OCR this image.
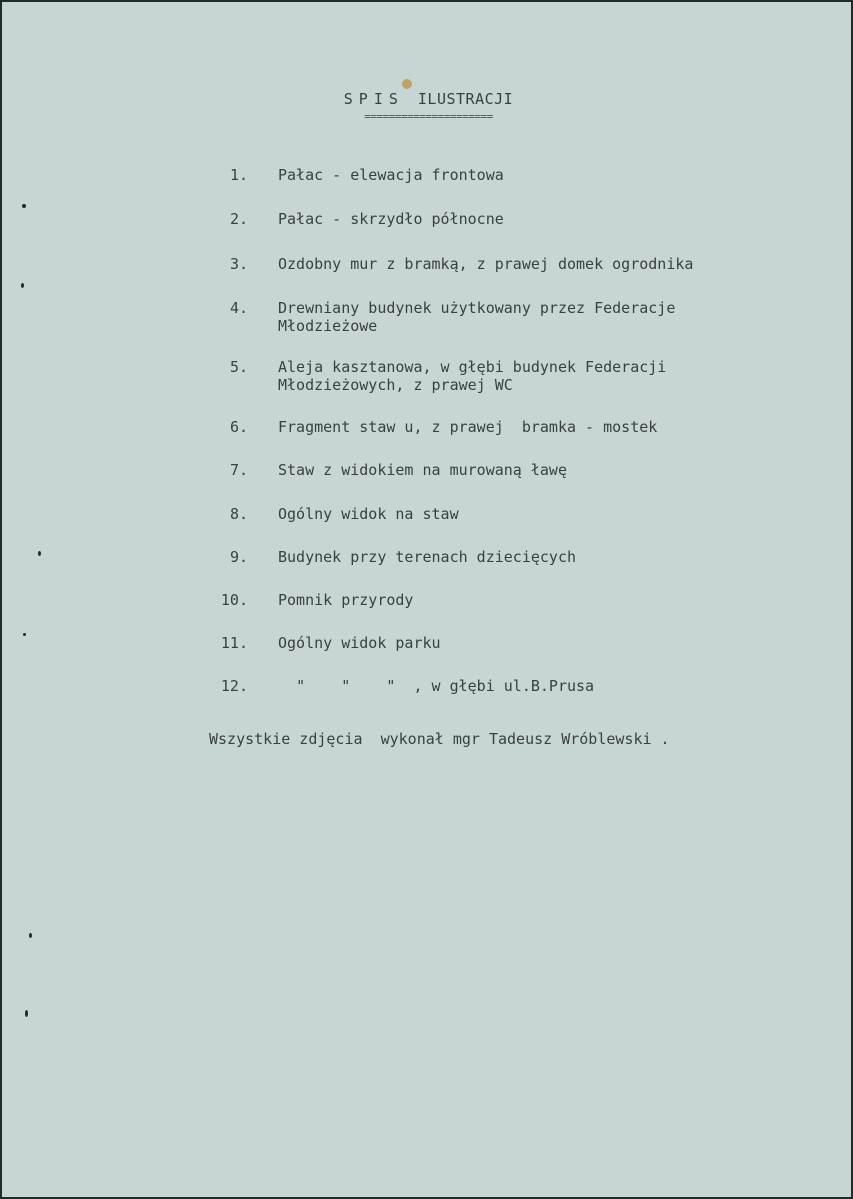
SPIS ILUSTRACJI
=====================
1. Pałac - elewacja frontowa
2. Pałac - skrzydło północne
3. Ozdobny mur z bramką, z prawej domek ogrodnika
4. Drewniany budynek użytkowany przez Federacje
Młodzieżowe
5. Aleja kasztanowa, w głębi budynek Federacji
Młodzieżowych, z prawej WC
6. Fragment staw u, z prawej  bramka - mostek
7. Staw z widokiem na murowaną ławę
8. Ogólny widok na staw
9. Budynek przy terenach dziecięcych
10. Pomnik przyrody
11. Ogólny widok parku
12. "    "    "  , w głębi ul.B.Prusa
Wszystkie zdjęcia  wykonał mgr Tadeusz Wróblewski .
